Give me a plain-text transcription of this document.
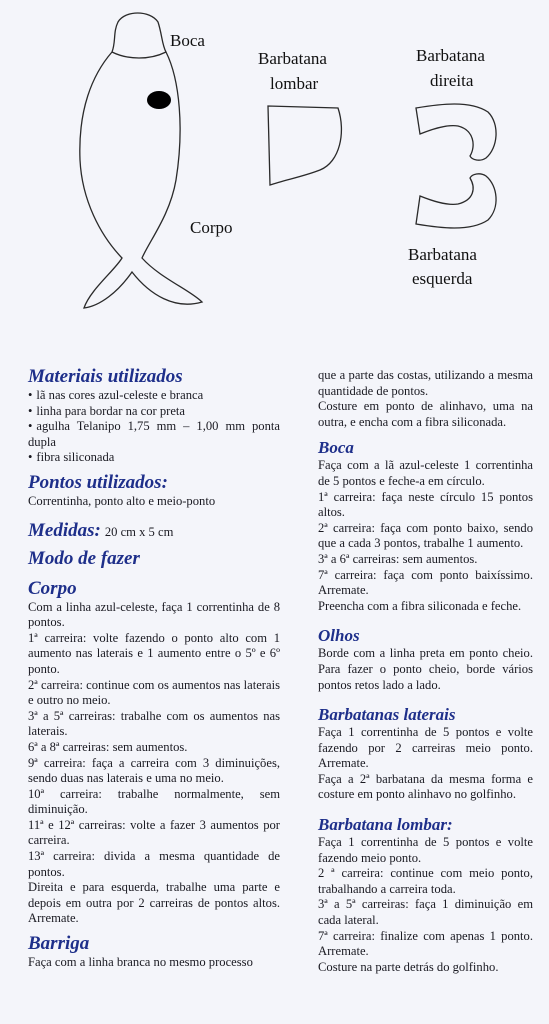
Boca
Corpo
Barbatana
lombar
Barbatana
direita
Barbatana
esquerda
Materiais utilizados
• lã nas cores azul-celeste e branca
• linha para bordar na cor preta
• agulha Telanipo 1,75 mm – 1,00 mm ponta dupla
• fibra siliconada
Pontos utilizados:

Correntinha, ponto alto e meio-ponto

Medidas: 20 cm x 5 cm
Modo de fazer
Corpo

Com a linha azul-celeste, faça 1 correntinha de 8 pontos.

1ª carreira: volte fazendo o ponto alto com 1 aumento nas laterais e 1 aumento entre o 5º e 6º ponto.

2ª carreira: continue com os aumentos nas laterais e outro no meio.

3ª a 5ª carreiras: trabalhe com os aumentos nas laterais.

6ª a 8ª carreiras: sem aumentos.

9ª carreira: faça a carreira com 3 diminuições, sendo duas nas laterais e uma no meio.

10ª carreira: trabalhe normalmente, sem diminuição.

11ª e 12ª carreiras: volte a fazer 3 aumentos por carreira.

13ª carreira: divida a mesma quantidade de pontos.

Direita e para esquerda, trabalhe uma parte e depois em outra por 2 carreiras de pontos altos. Arremate.

Barriga

Faça com a linha branca no mesmo processo

que a parte das costas, utilizando a mesma quantidade de pontos.

Costure em ponto de alinhavo, uma na outra, e encha com a fibra siliconada.

Boca

Faça com a lã azul-celeste 1 correntinha de 5 pontos e feche-a em círculo.

1ª carreira: faça neste círculo 15 pontos altos.

2ª carreira: faça com ponto baixo, sendo que a cada 3 pontos, trabalhe 1 aumento.

3ª a 6ª carreiras: sem aumentos.

7ª carreira: faça com ponto baixíssimo. Arremate.

Preencha com a fibra siliconada e feche.

Olhos

Borde com a linha preta em ponto cheio. Para fazer o ponto cheio, borde vários pontos retos lado a lado.

Barbatanas laterais

Faça 1 correntinha de 5 pontos e volte fazendo por 2 carreiras meio ponto. Arremate.

Faça a 2ª barbatana da mesma forma e costure em ponto alinhavo no golfinho.

Barbatana lombar:

Faça 1 correntinha de 5 pontos e volte fazendo meio ponto.

2 ª carreira: continue com meio ponto, trabalhando a carreira toda.

3ª a 5ª carreiras: faça 1 diminuição em cada lateral.

7ª carreira: finalize com apenas 1 ponto. Arremate.

Costure na parte detrás do golfinho.
